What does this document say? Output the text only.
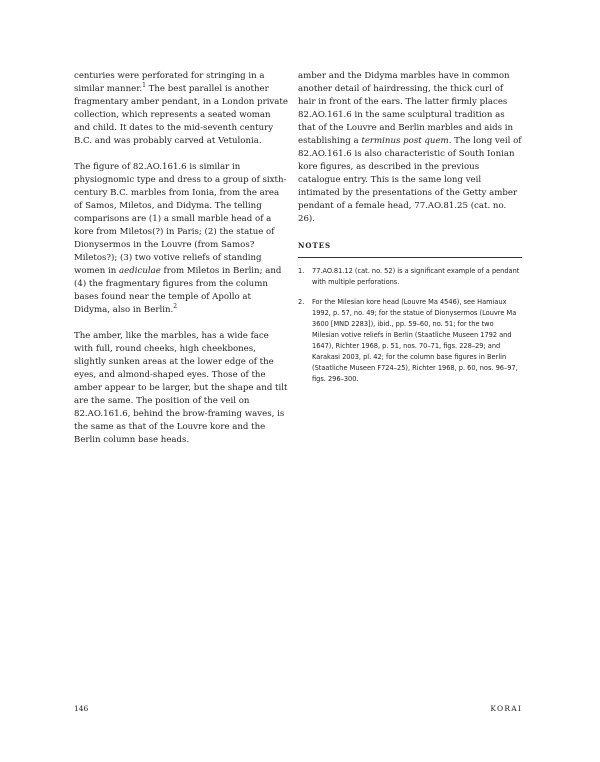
centuries were perforated for stringing in a similar manner.$^1$ The best parallel is another fragmentary amber pendant, in a London private collection, which represents a seated woman and child. It dates to the mid-seventh century B.C. and was probably carved at Vetulonia.

The figure of 82.AO.161.6 is similar in physiognomic type and dress to a group of sixth-century B.C. marbles from Ionia, from the area of Samos, Miletos, and Didyma. The telling comparisons are (1) a small marble head of a kore from Miletos(?) in Paris; (2) the statue of Dionysermos in the Louvre (from Samos? Miletos?); (3) two votive reliefs of standing women in aediculae from Miletos in Berlin; and (4) the fragmentary figures from the column bases found near the temple of Apollo at Didyma, also in Berlin.$^2$

The amber, like the marbles, has a wide face with full, round cheeks, high cheekbones, slightly sunken areas at the lower edge of the eyes, and almond-shaped eyes. Those of the amber appear to be larger, but the shape and tilt are the same. The position of the veil on 82.AO.161.6, behind the brow-framing waves, is the same as that of the Louvre kore and the Berlin column base heads.

amber and the Didyma marbles have in common another detail of hairdressing, the thick curl of hair in front of the ears. The latter firmly places 82.AO.161.6 in the same sculptural tradition as that of the Louvre and Berlin marbles and aids in establishing a terminus post quem. The long veil of 82.AO.161.6 is also characteristic of South Ionian kore figures, as described in the previous catalogue entry. This is the same long veil intimated by the presentations of the Getty amber pendant of a female head, 77.AO.81.25 (cat. no. 26).

NOTES
1.	77.AO.81.12 (cat. no. 52) is a significant example of a pendant with multiple perforations.
2.	For the Milesian kore head (Louvre Ma 4546), see Hamiaux 1992, p. 57, no. 49; for the statue of Dionysermos (Louvre Ma 3600 [MND 2283]), ibid., pp. 59–60, no. 51; for the two Milesian votive reliefs in Berlin (Staatliche Museen 1792 and 1647), Richter 1968, p. 51, nos. 70–71, figs. 228–29; and Karakasi 2003, pl. 42; for the column base figures in Berlin (Staatliche Museen F724–25), Richter 1968, p. 60, nos. 96–97, figs. 296–300.
146	KORAI
